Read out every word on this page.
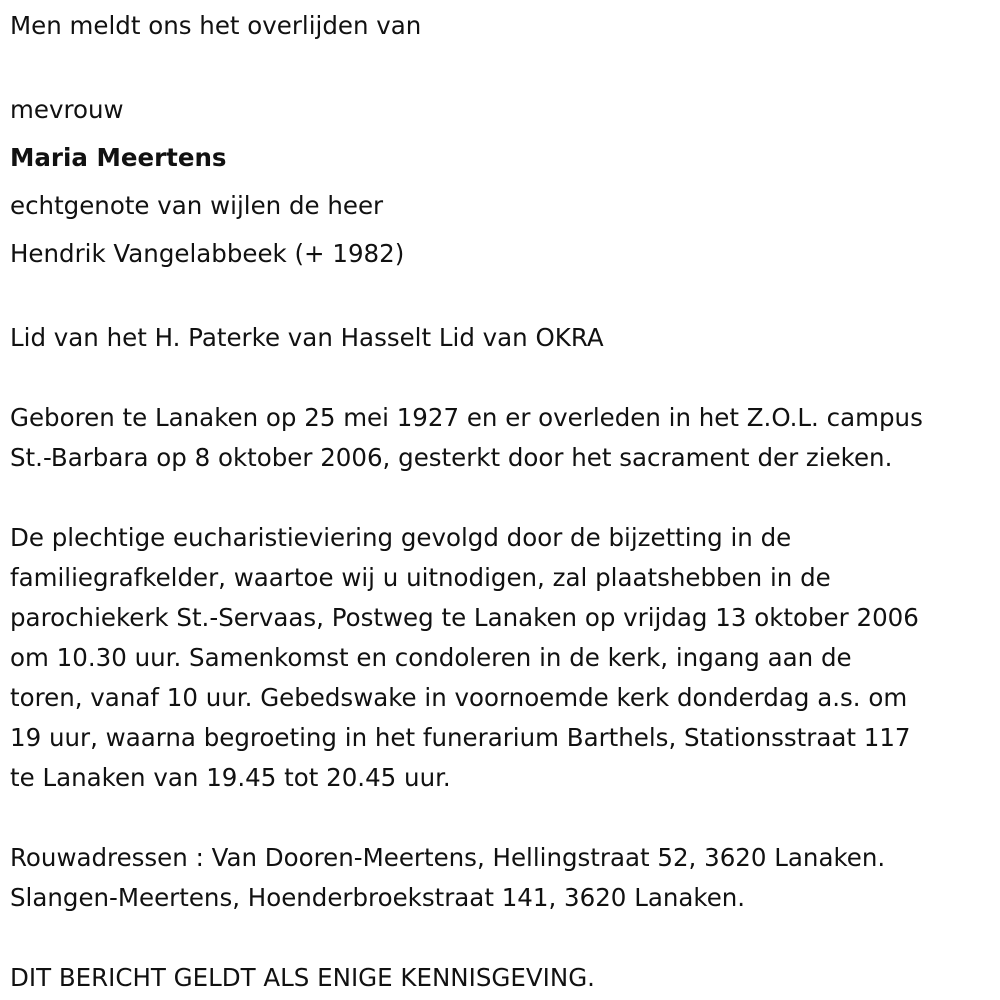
Men meldt ons het overlijden van
mevrouw
Maria Meertens
echtgenote van wijlen de heer
Hendrik Vangelabbeek (+ 1982)
Lid van het H. Paterke van Hasselt Lid van OKRA
Geboren te Lanaken op 25 mei 1927 en er overleden in het Z.O.L. campus
St.-Barbara op 8 oktober 2006, gesterkt door het sacrament der zieken.
De plechtige eucharistieviering gevolgd door de bijzetting in de
familiegrafkelder, waartoe wij u uitnodigen, zal plaatshebben in de
parochiekerk St.-Servaas, Postweg te Lanaken op vrijdag 13 oktober 2006
om 10.30 uur. Samenkomst en condoleren in de kerk, ingang aan de
toren, vanaf 10 uur. Gebedswake in voornoemde kerk donderdag a.s. om
19 uur, waarna begroeting in het funerarium Barthels, Stationsstraat 117
te Lanaken van 19.45 tot 20.45 uur.
Rouwadressen : Van Dooren-Meertens, Hellingstraat 52, 3620 Lanaken.
Slangen-Meertens, Hoenderbroekstraat 141, 3620 Lanaken.
DIT BERICHT GELDT ALS ENIGE KENNISGEVING.
